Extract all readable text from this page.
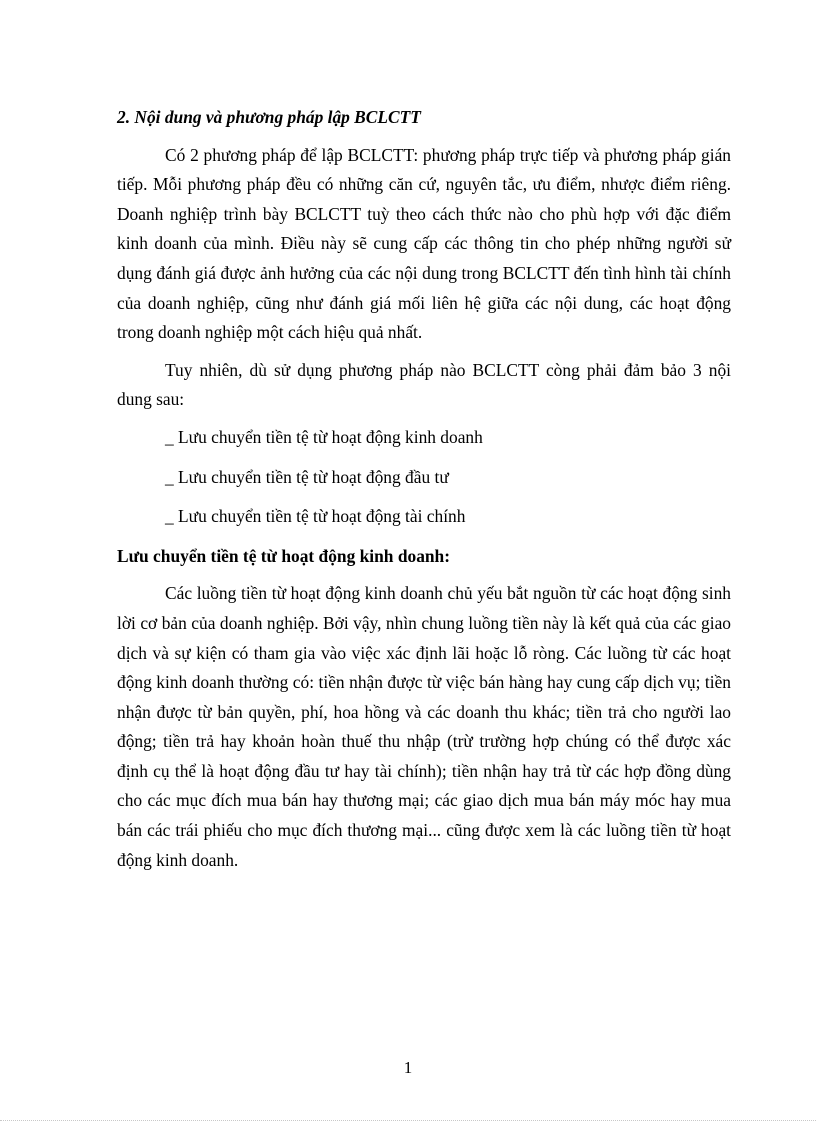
2. Nội dung và phương pháp lập BCLCTT

Có 2 phương pháp để lập BCLCTT: phương pháp trực tiếp và phương pháp gián tiếp. Mỗi phương pháp đều có những căn cứ, nguyên tắc, ưu điểm, nhược điểm riêng. Doanh nghiệp trình bày BCLCTT tuỳ theo cách thức nào cho phù hợp với đặc điểm kinh doanh của mình. Điều này sẽ cung cấp các thông tin cho phép những người sử dụng đánh giá được ảnh hưởng của các nội dung trong BCLCTT đến tình hình tài chính của doanh nghiệp, cũng như đánh giá mối liên hệ giữa các nội dung, các hoạt động trong doanh nghiệp một cách hiệu quả nhất.

Tuy nhiên, dù sử dụng phương pháp nào BCLCTT còng phải đảm bảo 3 nội dung sau:

_ Lưu chuyển tiền tệ từ hoạt động kinh doanh

_ Lưu chuyển tiền tệ từ hoạt động đầu tư

_ Lưu chuyển tiền tệ từ hoạt động tài chính

Lưu chuyển tiền tệ từ hoạt động kinh doanh:

Các luồng tiền từ hoạt động kinh doanh chủ yếu bắt nguồn từ các hoạt động sinh lời cơ bản của doanh nghiệp. Bởi vậy, nhìn chung luồng tiền này là kết quả của các giao dịch và sự kiện có tham gia vào việc xác định lãi hoặc lỗ ròng. Các luồng từ các hoạt động kinh doanh thường có: tiền nhận được từ việc bán hàng hay cung cấp dịch vụ; tiền nhận được từ bản quyền, phí, hoa hồng và các doanh thu khác; tiền trả cho người lao động; tiền trả hay khoản hoàn thuế thu nhập (trừ trường hợp chúng có thể được xác định cụ thể là hoạt động đầu tư hay tài chính); tiền nhận hay trả từ các hợp đồng dùng cho các mục đích mua bán hay thương mại; các giao dịch mua bán máy móc hay mua bán các trái phiếu cho mục đích thương mại... cũng được xem là các luồng tiền từ hoạt động kinh doanh.

1
